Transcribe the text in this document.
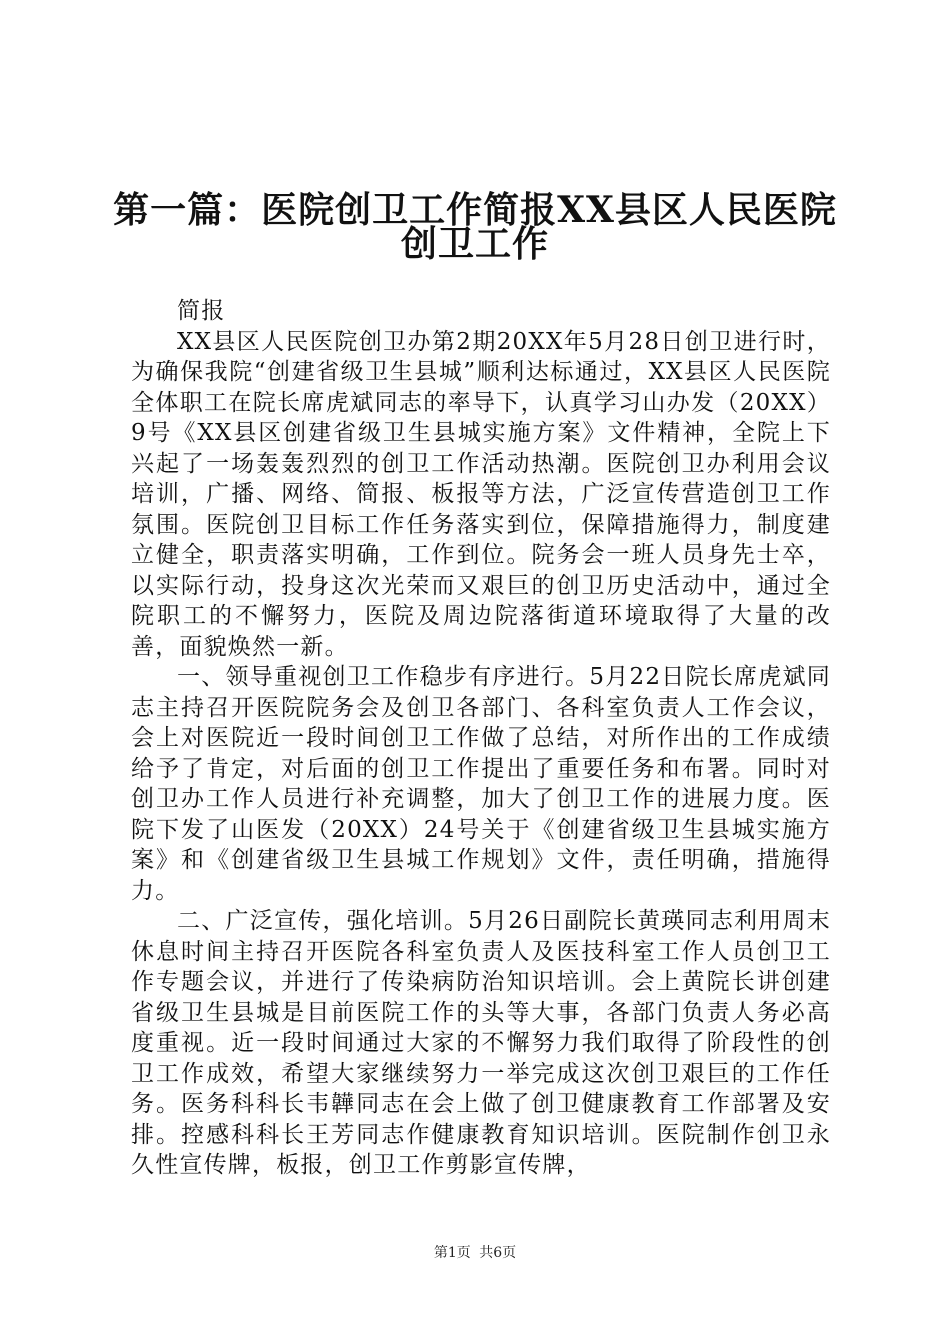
第一篇：医院创卫工作简报XX县区人民医院
创卫工作

简报

XX县区人民医院创卫办第2期20XX年5月28日创卫进行时，为确保我院“创建省级卫生县城”顺利达标通过，XX县区人民医院全体职工在院长席虎斌同志的率导下，认真学习山办发（20XX）9号《XX县区创建省级卫生县城实施方案》文件精神，全院上下兴起了一场轰轰烈烈的创卫工作活动热潮。医院创卫办利用会议培训，广播、网络、简报、板报等方法，广泛宣传营造创卫工作氛围。医院创卫目标工作任务落实到位，保障措施得力，制度建立健全，职责落实明确，工作到位。院务会一班人员身先士卒，以实际行动，投身这次光荣而又艰巨的创卫历史活动中，通过全院职工的不懈努力，医院及周边院落街道环境取得了大量的改善，面貌焕然一新。

一、领导重视创卫工作稳步有序进行。5月22日院长席虎斌同志主持召开医院院务会及创卫各部门、各科室负责人工作会议，会上对医院近一段时间创卫工作做了总结，对所作出的工作成绩给予了肯定，对后面的创卫工作提出了重要任务和布署。同时对创卫办工作人员进行补充调整，加大了创卫工作的进展力度。医院下发了山医发（20XX）24号关于《创建省级卫生县城实施方案》和《创建省级卫生县城工作规划》文件，责任明确，措施得力。

二、广泛宣传，强化培训。5月26日副院长黄瑛同志利用周末休息时间主持召开医院各科室负责人及医技科室工作人员创卫工作专题会议，并进行了传染病防治知识培训。会上黄院长讲创建省级卫生县城是目前医院工作的头等大事，各部门负责人务必高度重视。近一段时间通过大家的不懈努力我们取得了阶段性的创卫工作成效，希望大家继续努力一举完成这次创卫艰巨的工作任务。医务科科长韦韡同志在会上做了创卫健康教育工作部署及安排。控感科科长王芳同志作健康教育知识培训。医院制作创卫永久性宣传牌，板报，创卫工作剪影宣传牌，

第1页 共6页
